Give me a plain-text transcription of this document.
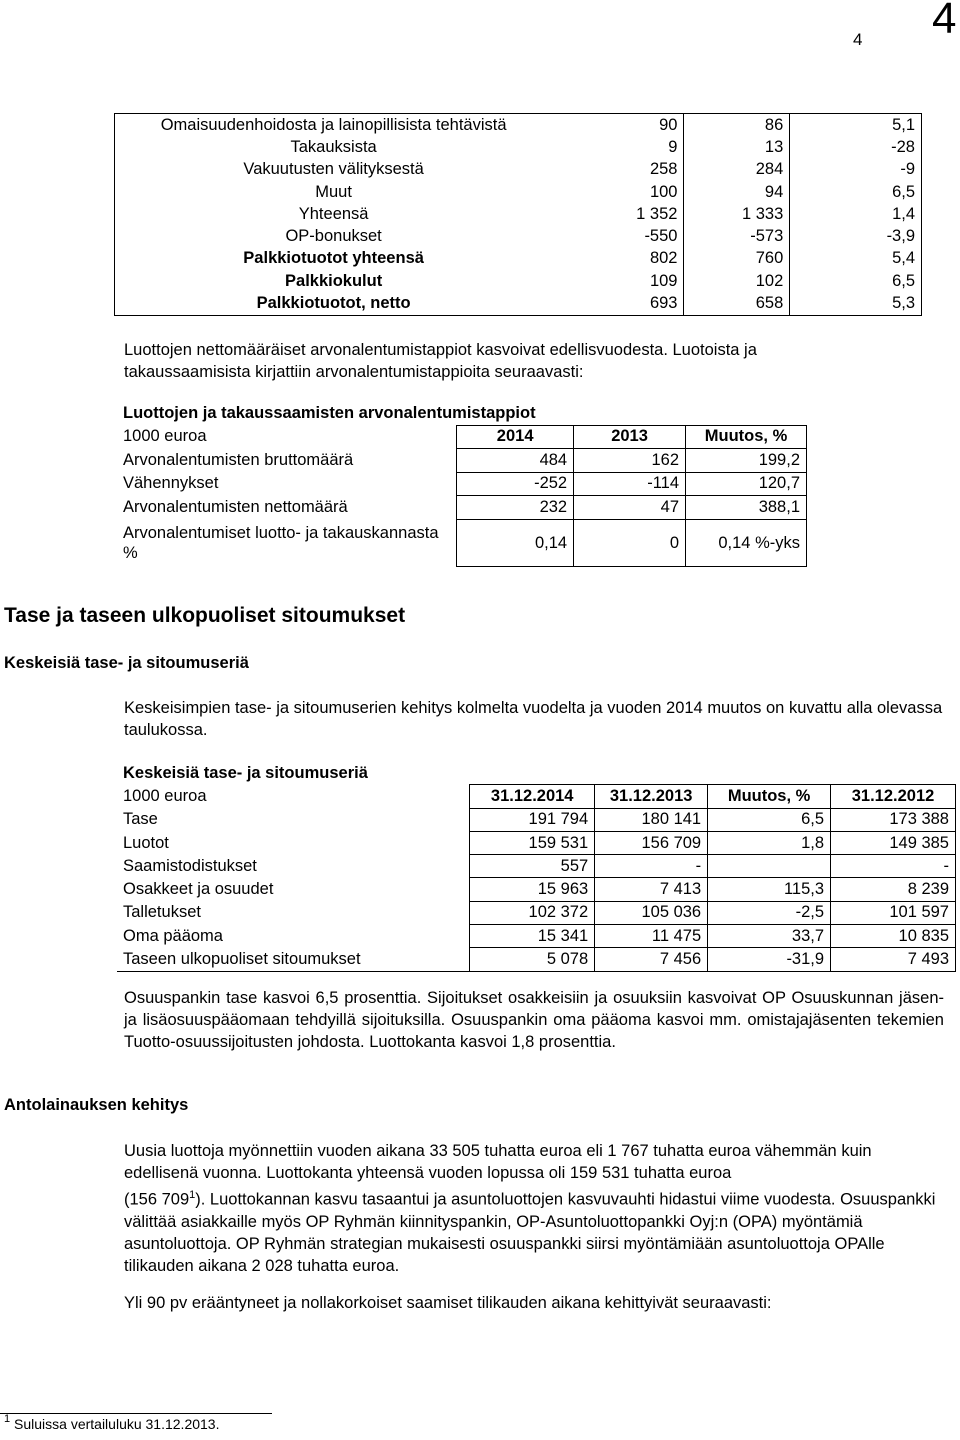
4 4
Omaisuudenhoidosta ja lainopillisista tehtävistä	90	86	5,1
Takauksista	9	13	-28
Vakuutusten välityksestä	258	284	-9
Muut	100	94	6,5
Yhteensä	1 352	1 333	1,4
OP-bonukset	-550	-573	-3,9
Palkkiotuotot yhteensä	802	760	5,4
Palkkiokulut	109	102	6,5
Palkkiotuotot, netto	693	658	5,3
Luottojen nettomääräiset arvonalentumistappiot kasvoivat edellisvuodesta. Luotoista ja takaussaamisista kirjattiin arvonalentumistappioita seuraavasti:
Luottojen ja takaussaamisten arvonalentumistappiot			
1000 euroa	2014	2013	Muutos, %
Arvonalentumisten bruttomäärä	484	162	199,2
Vähennykset	-252	-114	120,7
Arvonalentumisten nettomäärä	232	47	388,1
Arvonalentumiset luotto- ja takauskannasta %	0,14	0	0,14 %-yks
Tase ja taseen ulkopuoliset sitoumukset
Keskeisiä tase- ja sitoumuseriä
Keskeisimpien tase- ja sitoumuserien kehitys kolmelta vuodelta ja vuoden 2014 muutos on kuvattu alla olevassa taulukossa.
Keskeisiä tase- ja sitoumuseriä				
1000 euroa	31.12.2014	31.12.2013	Muutos, %	31.12.2012
Tase	191 794	180 141	6,5	173 388
Luotot	159 531	156 709	1,8	149 385
Saamistodistukset	557	-		-
Osakkeet ja osuudet	15 963	7 413	115,3	8 239
Talletukset	102 372	105 036	-2,5	101 597
Oma pääoma	15 341	11 475	33,7	10 835
Taseen ulkopuoliset sitoumukset	5 078	7 456	-31,9	7 493
Osuuspankin tase kasvoi 6,5 prosenttia. Sijoitukset osakkeisiin ja osuuksiin kasvoivat OP Osuuskunnan jäsen- ja lisäosuuspääomaan tehdyillä sijoituksilla. Osuuspankin oma pääoma kasvoi mm. omistajajäsenten tekemien Tuotto-osuussijoitusten johdosta. Luottokanta kasvoi 1,8 prosenttia.
Antolainauksen kehitys
Uusia luottoja myönnettiin vuoden aikana 33 505 tuhatta euroa eli 1 767 tuhatta euroa vähemmän kuin edellisenä vuonna. Luottokanta yhteensä vuoden lopussa oli 159 531 tuhatta euroa
(156 $709^1$). Luottokannan kasvu tasaantui ja asuntoluottojen kasvuvauhti hidastui viime vuodesta. Osuuspankki välittää asiakkaille myös OP Ryhmän kiinnityspankin, OP-Asuntoluottopankki Oyj:n (OPA) myöntämiä asuntoluottoja. OP Ryhmän strategian mukaisesti osuuspankki siirsi myöntämiään asuntoluottoja OPAlle tilikauden aikana 2 028 tuhatta euroa.
Yli 90 pv erääntyneet ja nollakorkoiset saamiset tilikauden aikana kehittyivät seuraavasti:
$^1$ Suluissa vertailuluku 31.12.2013.
